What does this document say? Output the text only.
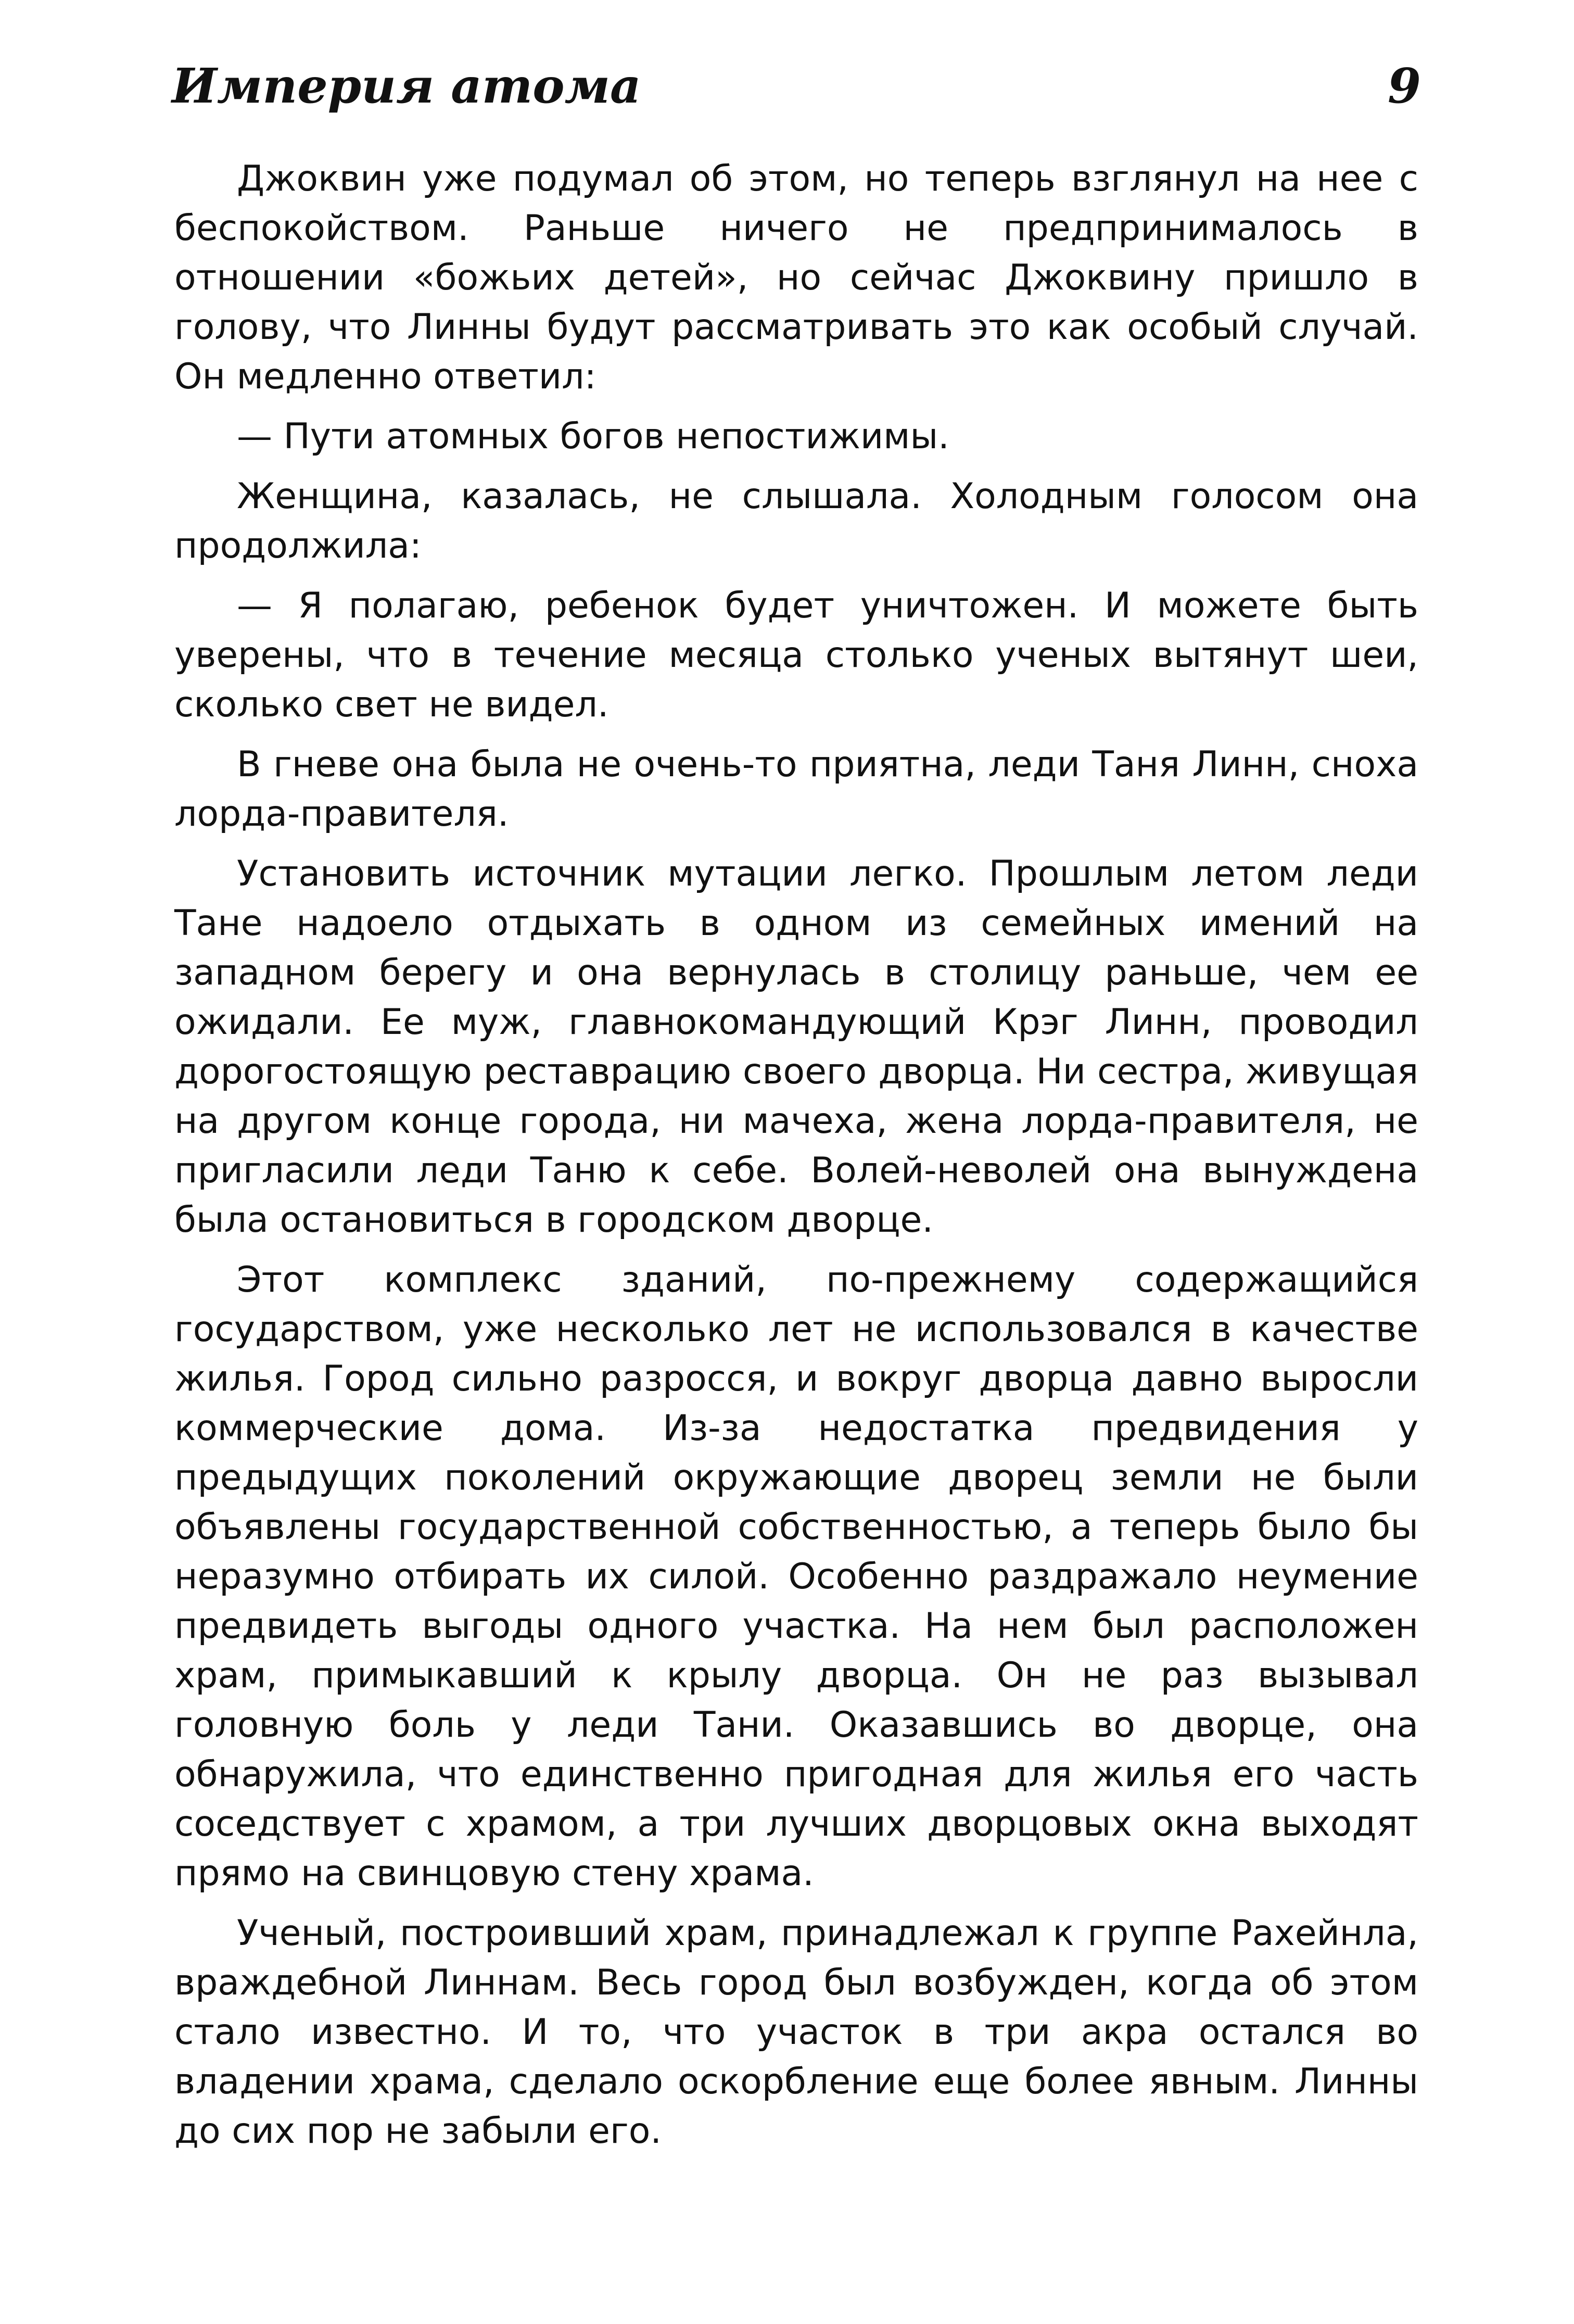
Империя атома	9

Джоквин уже подумал об этом, но теперь взглянул на нее с беспокойством. Раньше ничего не предпринималось в отношении «божьих детей», но сейчас Джоквину пришло в голову, что Линны будут рассматривать это как особый случай. Он медленно ответил:

— Пути атомных богов непостижимы.

Женщина, казалась, не слышала. Холодным голосом она продолжила:

— Я полагаю, ребенок будет уничтожен. И можете быть уверены, что в течение месяца столько ученых вытянут шеи, сколько свет не видел.

В гневе она была не очень-то приятна, леди Таня Линн, сноха лорда-правителя.

Установить источник мутации легко. Прошлым летом леди Тане надоело отдыхать в одном из семейных имений на западном берегу и она вернулась в столицу раньше, чем ее ожидали. Ее муж, главнокомандующий Крэг Линн, проводил дорогостоящую реставрацию своего дворца. Ни сестра, живущая на другом конце города, ни мачеха, жена лорда-правителя, не пригласили леди Таню к себе. Волей-неволей она вынуждена была остановиться в городском дворце.

Этот комплекс зданий, по-прежнему содержащийся государством, уже несколько лет не использовался в качестве жилья. Город сильно разросся, и вокруг дворца давно выросли коммерческие дома. Из-за недостатка предвидения у предыдущих поколений окружающие дворец земли не были объявлены государственной собственностью, а теперь было бы неразумно отбирать их силой. Особенно раздражало неумение предвидеть выгоды одного участка. На нем был расположен храм, примыкавший к крылу дворца. Он не раз вызывал головную боль у леди Тани. Оказавшись во дворце, она обнаружила, что единственно пригодная для жилья его часть соседствует с храмом, а три лучших дворцовых окна выходят прямо на свинцовую стену храма.

Ученый, построивший храм, принадлежал к группе Рахейнла, враждебной Линнам. Весь город был возбужден, когда об этом стало известно. И то, что участок в три акра остался во владении храма, сделало оскорбление еще более явным. Линны до сих пор не забыли его.
